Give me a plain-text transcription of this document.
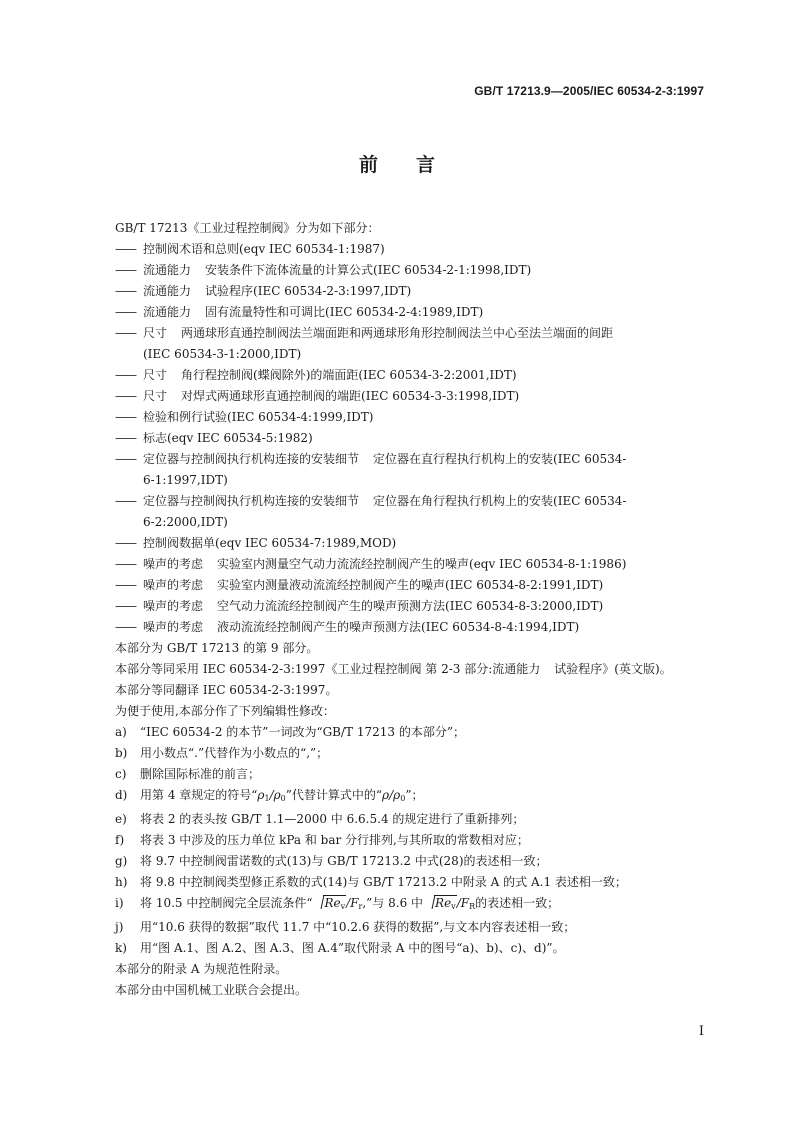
GB/T 17213.9—2005/IEC 60534-2-3:1997
前言

GB/T 17213《工业过程控制阀》分为如下部分：

—— 控制阀术语和总则(eqv IEC 60534-1:1987)

—— 流通能力 安装条件下流体流量的计算公式(IEC 60534-2-1:1998,IDT)

—— 流通能力 试验程序(IEC 60534-2-3:1997,IDT)

—— 流通能力 固有流量特性和可调比(IEC 60534-2-4:1989,IDT)

—— 尺寸 两通球形直通控制阀法兰端面距和两通球形角形控制阀法兰中心至法兰端面的间距
(IEC 60534-3-1:2000,IDT)

—— 尺寸 角行程控制阀(蝶阀除外)的端面距(IEC 60534-3-2:2001,IDT)

—— 尺寸 对焊式两通球形直通控制阀的端距(IEC 60534-3-3:1998,IDT)

—— 检验和例行试验(IEC 60534-4:1999,IDT)

—— 标志(eqv IEC 60534-5:1982)

—— 定位器与控制阀执行机构连接的安装细节 定位器在直行程执行机构上的安装(IEC 60534-
6-1:1997,IDT)

—— 定位器与控制阀执行机构连接的安装细节 定位器在角行程执行机构上的安装(IEC 60534-
6-2:2000,IDT)

—— 控制阀数据单(eqv IEC 60534-7:1989,MOD)

—— 噪声的考虑 实验室内测量空气动力流流经控制阀产生的噪声(eqv IEC 60534-8-1:1986)

—— 噪声的考虑 实验室内测量液动流流经控制阀产生的噪声(IEC 60534-8-2:1991,IDT)

—— 噪声的考虑 空气动力流流经控制阀产生的噪声预测方法(IEC 60534-8-3:2000,IDT)

—— 噪声的考虑 液动流流经控制阀产生的噪声预测方法(IEC 60534-8-4:1994,IDT)

本部分为 GB/T 17213 的第 9 部分。

本部分等同采用 IEC 60534-2-3:1997《工业过程控制阀 第 2-3 部分:流通能力 试验程序》(英文版)。

本部分等同翻译 IEC 60534-2-3:1997。

为便于使用,本部分作了下列编辑性修改：

a)	“IEC 60534-2 的本节”一词改为“GB/T 17213 的本部分”；

b)	用小数点“.”代替作为小数点的“,”；

c)	删除国际标准的前言；

d)	用第 4 章规定的符号“$\rho_1/\rho_0$”代替计算式中的“$\rho/\rho_0$”；

e)	将表 2 的表头按 GB/T 1.1—2000 中 6.6.5.4 的规定进行了重新排列；

f)	将表 3 中涉及的压力单位 kPa 和 bar 分行排列,与其所取的常数相对应；

g)	将 9.7 中控制阀雷诺数的式(13)与 GB/T 17213.2 中式(28)的表述相一致；

h)	将 9.8 中控制阀类型修正系数的式(14)与 GB/T 17213.2 中附录 A 的式 A.1 表述相一致；

i)	将 10.5 中控制阀完全层流条件“ $Re_v/F_r$,”与 8.6 中 $Re_v/F_R$的表述相一致；

j)	用“10.6 获得的数据”取代 11.7 中“10.2.6 获得的数据”,与文本内容表述相一致；

k)	用“图 A.1、图 A.2、图 A.3、图 A.4”取代附录 A 中的图号“a)、b)、c)、d)”。

本部分的附录 A 为规范性附录。

本部分由中国机械工业联合会提出。

I
